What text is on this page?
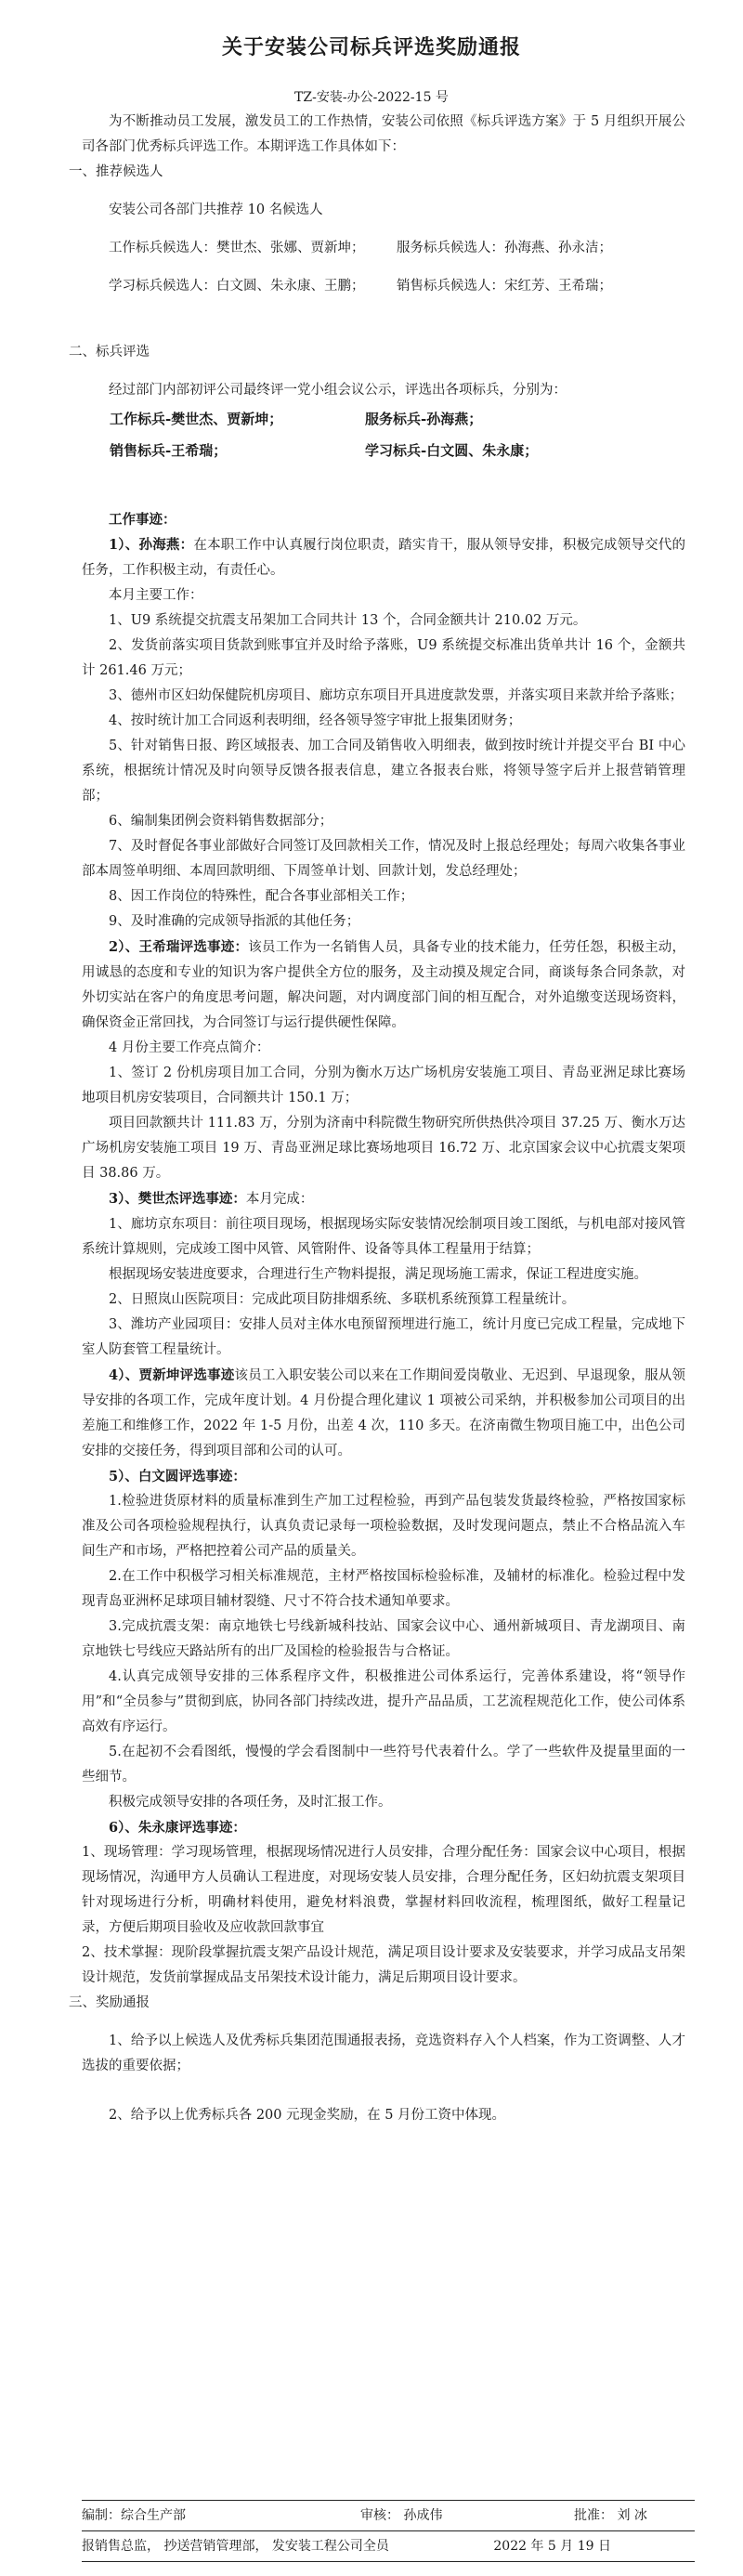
关于安装公司标兵评选奖励通报
TZ-安装-办公-2022-15 号

为不断推动员工发展，激发员工的工作热情，安装公司依照《标兵评选方案》于 5 月组织开展公司各部门优秀标兵评选工作。本期评选工作具体如下：

一、推荐候选人

安装公司各部门共推荐 10 名候选人

工作标兵候选人：樊世杰、张娜、贾新坤；	服务标兵候选人：孙海燕、孙永洁；
学习标兵候选人：白文圆、朱永康、王鹏；	销售标兵候选人：宋红芳、王希瑞；

二、标兵评选

经过部门内部初评公司最终评一党小组会议公示，评选出各项标兵，分别为：

工作标兵-樊世杰、贾新坤；	服务标兵-孙海燕；
销售标兵-王希瑞；	学习标兵-白文圆、朱永康；

工作事迹：

1）、孙海燕：在本职工作中认真履行岗位职责，踏实肯干，服从领导安排，积极完成领导交代的任务，工作积极主动，有责任心。

本月主要工作：

1、U9 系统提交抗震支吊架加工合同共计 13 个，合同金额共计 210.02 万元。

2、发货前落实项目货款到账事宜并及时给予落账，U9 系统提交标准出货单共计 16 个，金额共计 261.46 万元；

3、德州市区妇幼保健院机房项目、廊坊京东项目开具进度款发票，并落实项目来款并给予落账；

4、按时统计加工合同返利表明细，经各领导签字审批上报集团财务；

5、针对销售日报、跨区域报表、加工合同及销售收入明细表，做到按时统计并提交平台 BI 中心系统，根据统计情况及时向领导反馈各报表信息，建立各报表台账，将领导签字后并上报营销管理部；

6、编制集团例会资料销售数据部分；

7、及时督促各事业部做好合同签订及回款相关工作，情况及时上报总经理处；每周六收集各事业部本周签单明细、本周回款明细、下周签单计划、回款计划，发总经理处；

8、因工作岗位的特殊性，配合各事业部相关工作；

9、及时准确的完成领导指派的其他任务；

2）、王希瑞评选事迹：该员工作为一名销售人员，具备专业的技术能力，任劳任怨，积极主动，用诚恳的态度和专业的知识为客户提供全方位的服务，及主动摸及规定合同，商谈每条合同条款，对外切实站在客户的角度思考问题，解决问题，对内调度部门间的相互配合，对外追缴变送现场资料，确保资金正常回找，为合同签订与运行提供硬性保障。

4 月份主要工作亮点简介：

1、签订 2 份机房项目加工合同，分别为衡水万达广场机房安装施工项目、青岛亚洲足球比赛场地项目机房安装项目，合同额共计 150.1 万；

项目回款额共计 111.83 万，分别为济南中科院微生物研究所供热供冷项目 37.25 万、衡水万达广场机房安装施工项目 19 万、青岛亚洲足球比赛场地项目 16.72 万、北京国家会议中心抗震支架项目 38.86 万。

3）、樊世杰评选事迹：本月完成：

1、廊坊京东项目：前往项目现场，根据现场实际安装情况绘制项目竣工图纸，与机电部对接风管系统计算规则，完成竣工图中风管、风管附件、设备等具体工程量用于结算；

根据现场安装进度要求，合理进行生产物料提报，满足现场施工需求，保证工程进度实施。

2、日照岚山医院项目：完成此项目防排烟系统、多联机系统预算工程量统计。

3、潍坊产业园项目：安排人员对主体水电预留预埋进行施工，统计月度已完成工程量，完成地下室人防套管工程量统计。

4）、贾新坤评选事迹该员工入职安装公司以来在工作期间爱岗敬业、无迟到、早退现象，服从领导安排的各项工作，完成年度计划。4 月份提合理化建议 1 项被公司采纳，并积极参加公司项目的出差施工和维修工作，2022 年 1-5 月份，出差 4 次，110 多天。在济南微生物项目施工中，出色公司安排的交接任务，得到项目部和公司的认可。

5）、白文圆评选事迹：

1.检验进货原材料的质量标准到生产加工过程检验，再到产品包装发货最终检验，严格按国家标准及公司各项检验规程执行，认真负责记录每一项检验数据，及时发现问题点，禁止不合格品流入车间生产和市场，严格把控着公司产品的质量关。

2.在工作中积极学习相关标准规范，主材严格按国标检验标准，及辅材的标准化。检验过程中发现青岛亚洲杯足球项目辅材裂缝、尺寸不符合技术通知单要求。

3.完成抗震支架：南京地铁七号线新城科技站、国家会议中心、通州新城项目、青龙湖项目、南京地铁七号线应天路站所有的出厂及国检的检验报告与合格证。

4.认真完成领导安排的三体系程序文件，积极推进公司体系运行，完善体系建设，将“领导作用”和“全员参与”贯彻到底，协同各部门持续改进，提升产品品质，工艺流程规范化工作，使公司体系高效有序运行。

5.在起初不会看图纸，慢慢的学会看图制中一些符号代表着什么。学了一些软件及提量里面的一些细节。

积极完成领导安排的各项任务，及时汇报工作。

6）、朱永康评选事迹：

1、现场管理：学习现场管理，根据现场情况进行人员安排，合理分配任务：国家会议中心项目，根据现场情况，沟通甲方人员确认工程进度，对现场安装人员安排，合理分配任务，区妇幼抗震支架项目针对现场进行分析，明确材料使用，避免材料浪费，掌握材料回收流程，梳理图纸，做好工程量记录，方便后期项目验收及应收款回款事宜

2、技术掌握：现阶段掌握抗震支架产品设计规范，满足项目设计要求及安装要求，并学习成品支吊架设计规范，发货前掌握成品支吊架技术设计能力，满足后期项目设计要求。

三、奖励通报

1、给予以上候选人及优秀标兵集团范围通报表扬，竞选资料存入个人档案，作为工资调整、人才选拔的重要依据；

2、给予以上优秀标兵各 200 元现金奖励，在 5 月份工资中体现。

编制：综合生产部	审核： 孙成伟	批准： 刘 冰
报销售总监， 抄送营销管理部， 发安装工程公司全员	2022 年 5 月 19 日
